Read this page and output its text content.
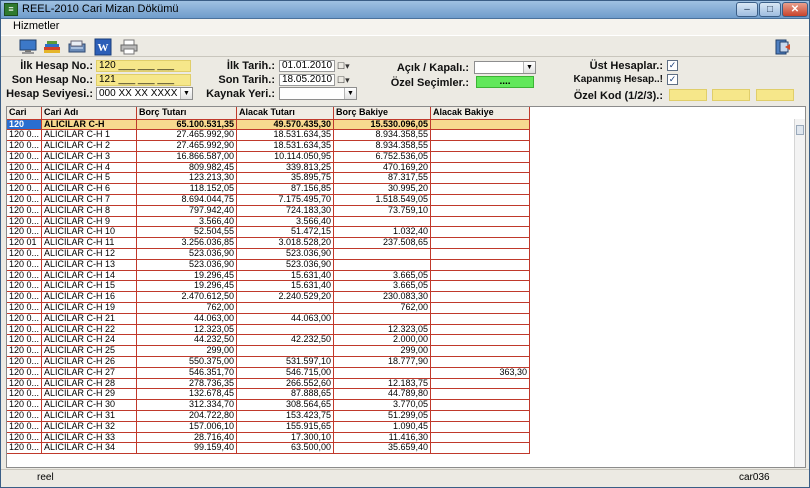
≡ REEL-2010 Cari Mizan Dökümü	–	□	✕
Hizmetler
W
İlk Hesap No.: 120 ___ ___ ___
Son Hesap No.: 121 ___ ___ ___
Hesap Seviyesi.: 000 XX XX XXXX ▼
İlk Tarih.: 01.01.2010 ☐▾
Son Tarih.: 18.05.2010 ☐▾
Kaynak Yeri.:	▼
Açık / Kapalı.:	▼
Özel Seçimler.:	....
Üst Hesaplar.: ✓
Kapanmış Hesap..! ✓
Özel Kod (1/2/3).:
Cari	Cari Adı	Borç Tutarı	Alacak Tutarı	Borç Bakiye	Alacak Bakiye
120	ALICILAR C-H	65.100.531,35	49.570.435,30	15.530.096,05	
120 0...	ALICILAR C-H 1	27.465.992,90	18.531.634,35	8.934.358,55	
120 0...	ALICILAR C-H 2	27.465.992,90	18.531.634,35	8.934.358,55	
120 0...	ALICILAR C-H 3	16.866.587,00	10.114.050,95	6.752.536,05	
120 0...	ALICILAR C-H 4	809.982,45	339.813,25	470.169,20	
120 0...	ALICILAR C-H 5	123.213,30	35.895,75	87.317,55	
120 0...	ALICILAR C-H 6	118.152,05	87.156,85	30.995,20	
120 0...	ALICILAR C-H 7	8.694.044,75	7.175.495,70	1.518.549,05	
120 0...	ALICILAR C-H 8	797.942,40	724.183,30	73.759,10	
120 0...	ALICILAR C-H 9	3.566,40	3.566,40		
120 0...	ALICILAR C-H 10	52.504,55	51.472,15	1.032,40	
120 01	ALICILAR C-H 11	3.256.036,85	3.018.528,20	237.508,65	
120 0...	ALICILAR C-H 12	523.036,90	523.036,90		
120 0...	ALICILAR C-H 13	523.036,90	523.036,90		
120 0...	ALICILAR C-H 14	19.296,45	15.631,40	3.665,05	
120 0...	ALICILAR C-H 15	19.296,45	15.631,40	3.665,05	
120 0...	ALICILAR C-H 16	2.470.612,50	2.240.529,20	230.083,30	
120 0...	ALICILAR C-H 19	762,00		762,00	
120 0...	ALICILAR C-H 21	44.063,00	44.063,00		
120 0...	ALICILAR C-H 22	12.323,05		12.323,05	
120 0...	ALICILAR C-H 24	44.232,50	42.232,50	2.000,00	
120 0...	ALICILAR C-H 25	299,00		299,00	
120 0...	ALICILAR C-H 26	550.375,00	531.597,10	18.777,90	
120 0...	ALICILAR C-H 27	546.351,70	546.715,00		363,30
120 0...	ALICILAR C-H 28	278.736,35	266.552,60	12.183,75	
120 0...	ALICILAR C-H 29	132.678,45	87.888,65	44.789,80	
120 0...	ALICILAR C-H 30	312.334,70	308.564,65	3.770,05	
120 0...	ALICILAR C-H 31	204.722,80	153.423,75	51.299,05	
120 0...	ALICILAR C-H 32	157.006,10	155.915,65	1.090,45	
120 0...	ALICILAR C-H 33	28.716,40	17.300,10	11.416,30	
120 0...	ALICILAR C-H 34	99.159,40	63.500,00	35.659,40	
reel	car036
